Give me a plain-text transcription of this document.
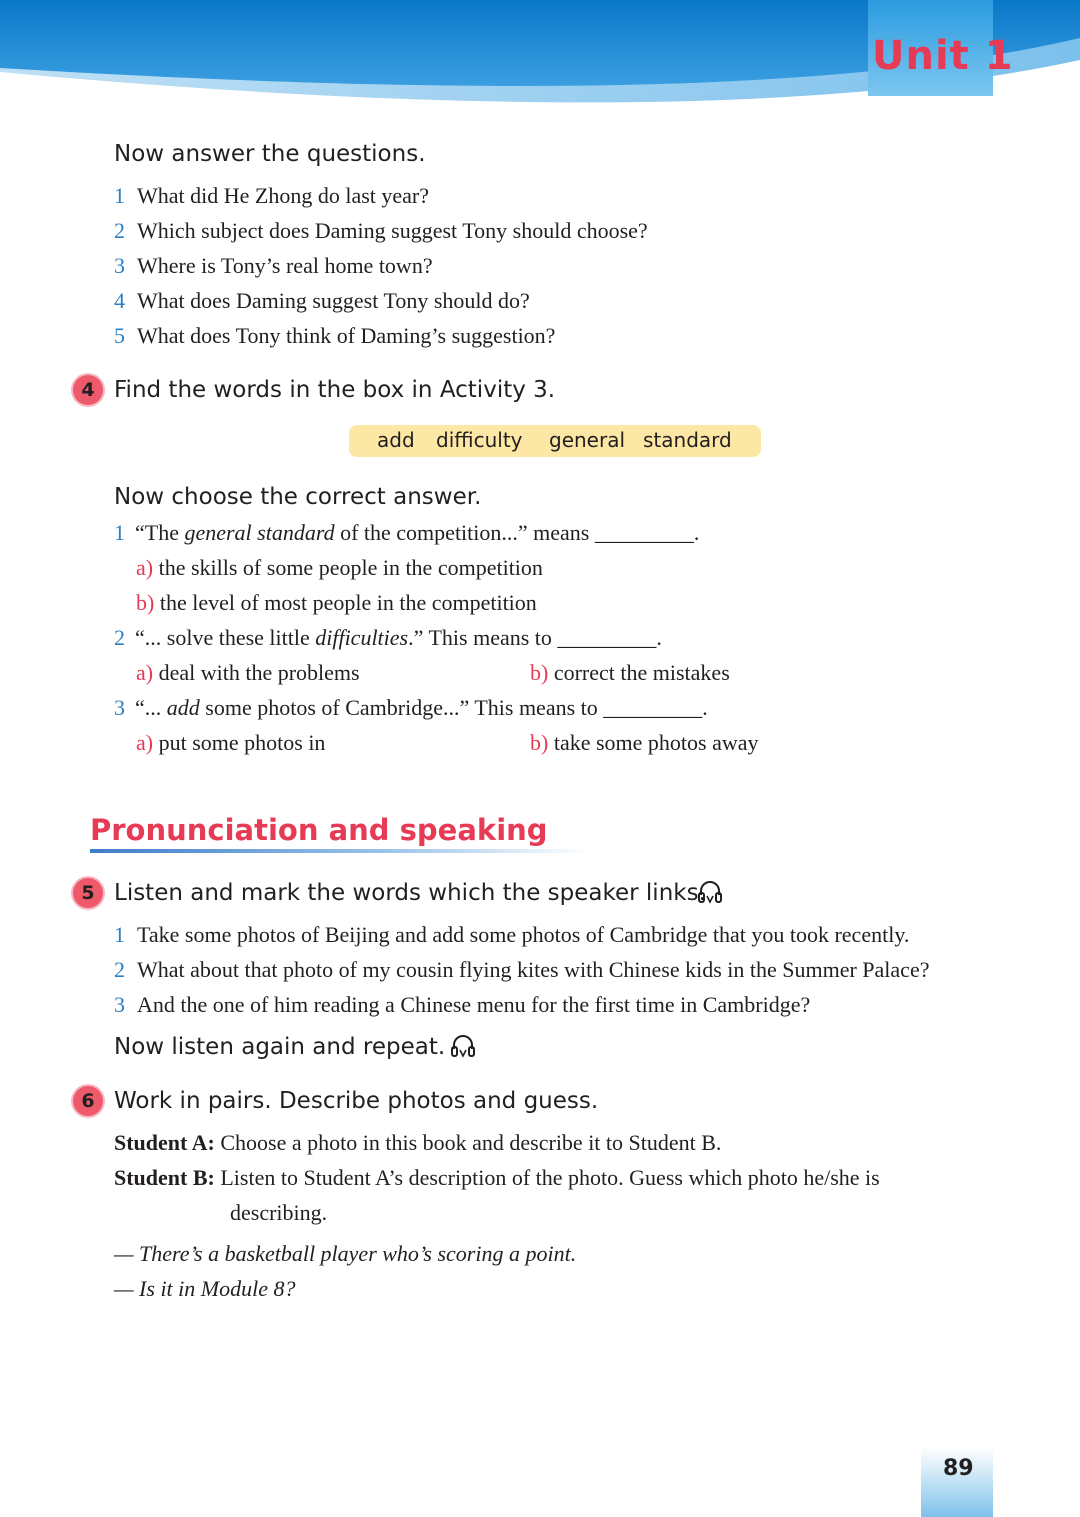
Unit 1
Now answer the questions.
1 What did He Zhong do last year?
2 Which subject does Daming suggest Tony should choose?
3 Where is Tony’s real home town?
4 What does Daming suggest Tony should do?
5 What does Tony think of Daming’s suggestion?
4 Find the words in the box in Activity 3.
add difficulty general standard
Now choose the correct answer.
1 “The general standard of the competition...” means _________.
a) the skills of some people in the competition
b) the level of most people in the competition
2 “... solve these little difficulties.” This means to _________.
a) deal with the problems	b) correct the mistakes
3 “... add some photos of Cambridge...” This means to _________.
a) put some photos in	b) take some photos away
Pronunciation and speaking
5 Listen and mark the words which the speaker links.
1 Take some photos of Beijing and add some photos of Cambridge that you took recently.
2 What about that photo of my cousin flying kites with Chinese kids in the Summer Palace?
3 And the one of him reading a Chinese menu for the first time in Cambridge?
Now listen again and repeat.
6 Work in pairs. Describe photos and guess.
Student A: Choose a photo in this book and describe it to Student B.
Student B: Listen to Student A’s description of the photo. Guess which photo he/she is
describing.
— There’s a basketball player who’s scoring a point.
— Is it in Module 8?
89
